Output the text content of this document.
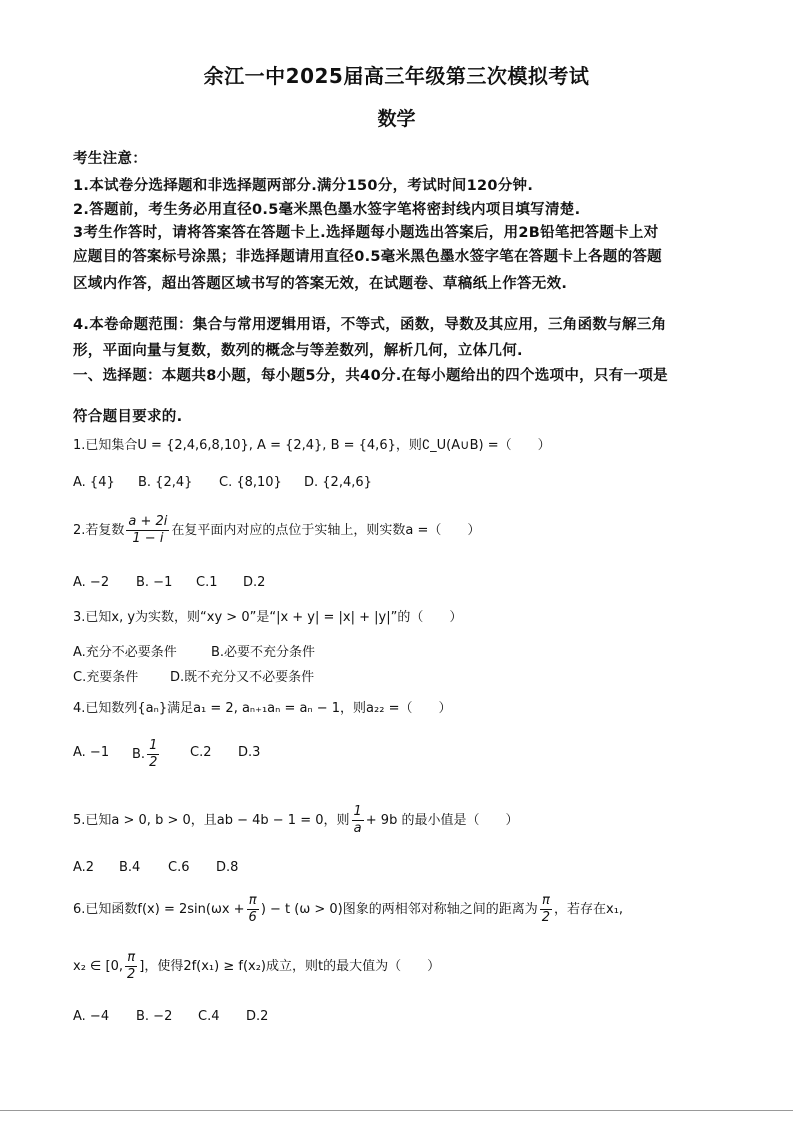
余江一中2025届高三年级第三次模拟考试
数学
考生注意：
1.本试卷分选择题和非选择题两部分.满分150分，考试时间120分钟.
2.答题前，考生务必用直径0.5毫米黑色墨水签字笔将密封线内项目填写清楚.
3考生作答时，请将答案答在答题卡上.选择题每小题选出答案后，用2B铅笔把答题卡上对
应题目的答案标号涂黑；非选择题请用直径0.5毫米黑色墨水签字笔在答题卡上各题的答题
区域内作答，超出答题区域书写的答案无效，在试题卷、草稿纸上作答无效.
4.本卷命题范围：集合与常用逻辑用语，不等式，函数，导数及其应用，三角函数与解三角
形，平面向量与复数，数列的概念与等差数列，解析几何，立体几何.
一、选择题：本题共8小题，每小题5分，共40分.在每小题给出的四个选项中，只有一项是
符合题目要求的.
1.已知集合U = {2,4,6,8,10}, A = {2,4}, B = {4,6}，则∁_U(A∪B) =（　　）
A. {4} B. {2,4} C. {8,10} D. {2,4,6}
2.若复数 $\frac{a + 2i}{1 - i}$ 在复平面内对应的点位于实轴上，则实数a =（　　）
A. −2 B. −1 C.1 D.2
3.已知x, y为实数，则“xy > 0”是“|x + y| = |x| + |y|”的（　　）
A.充分不必要条件	B.必要不充分条件
C.充要条件 D.既不充分又不必要条件
4.已知数列{aₙ}满足a₁ = 2, aₙ₊₁aₙ = aₙ − 1，则a₂₂ =（　　）
A. −1 B. $\frac{1}{2} C.2$ D.3
5.已知a > 0, b > 0，且ab − 4b − 1 = 0，则 $\frac{1}{a} + 9b$ 的最小值是（　　）
A.2 B.4 C.6 D.8
6.已知函数$f(x) = 2\sin(\omega x + \frac{\pi}{6}$ ) − t (ω > 0)图象的两相邻对称轴之间的距离为 $\frac{\pi}{2}$ ，若存在x₁,
x₂ ∈ [0, $\frac{\pi}{2}$ ]，使得2f(x₁) ≥ f(x₂)成立，则t的最大值为（　　）
A. −4 B. −2 C.4 D.2
